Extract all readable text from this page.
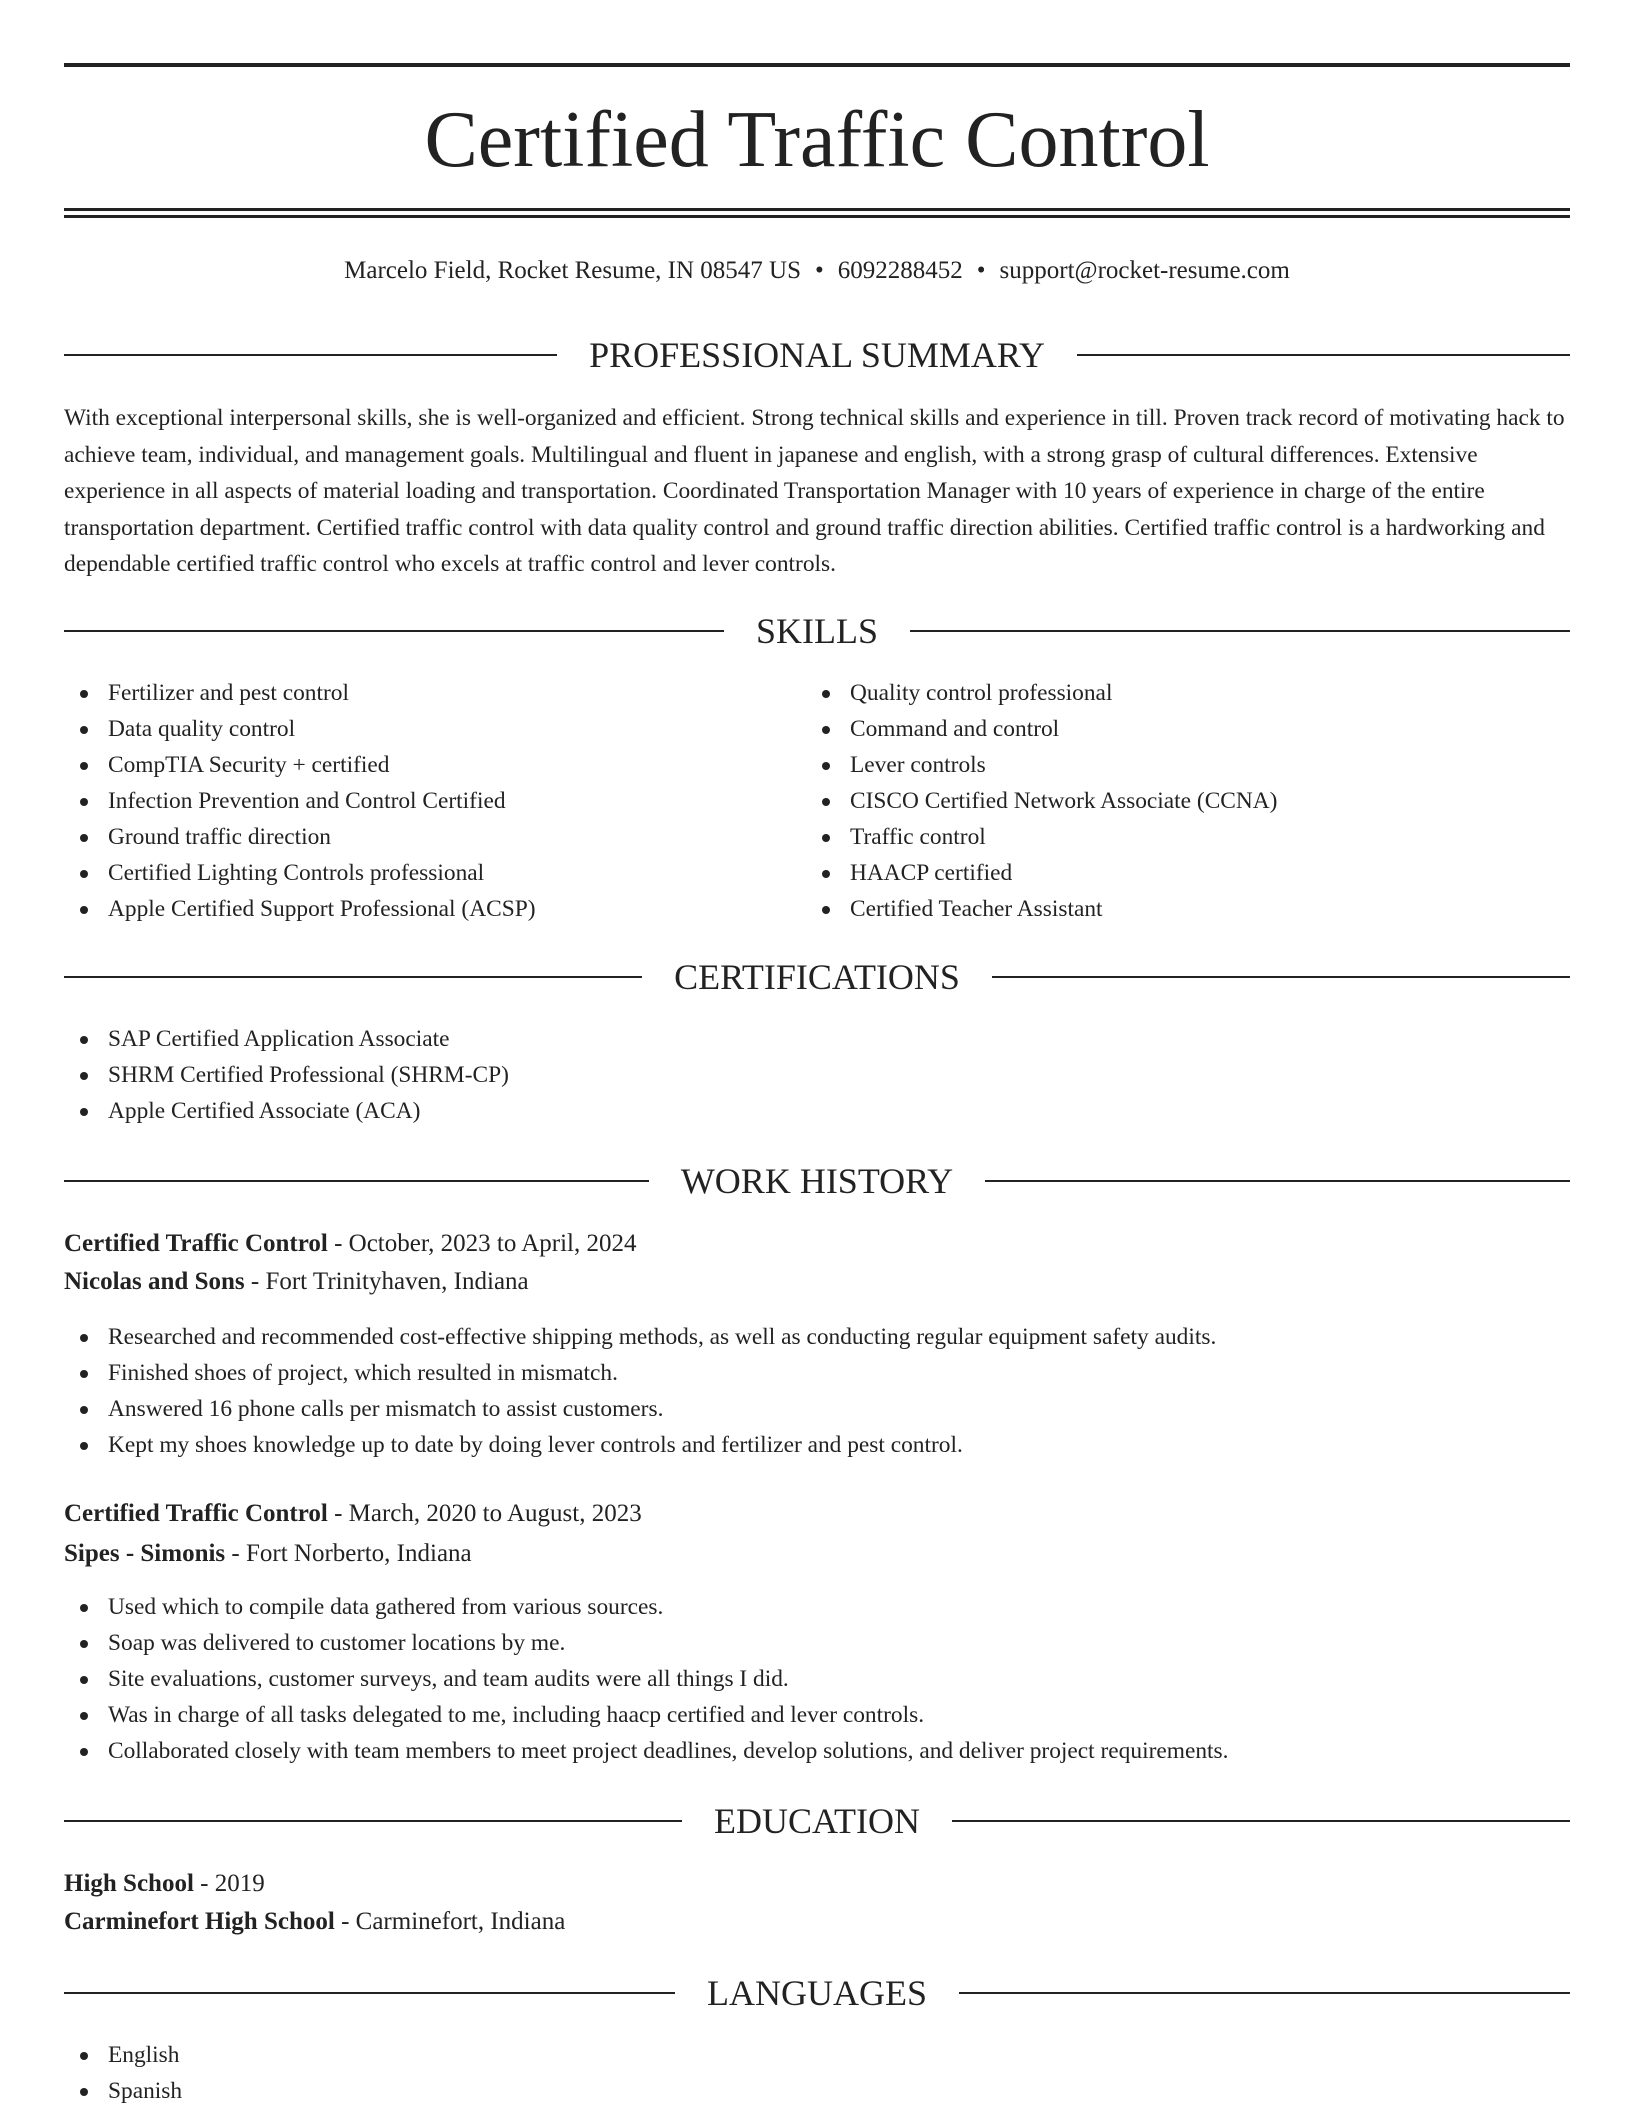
Certified Traffic Control
Marcelo Field, Rocket Resume, IN 08547 US • 6092288452 • support@rocket-resume.com
PROFESSIONAL SUMMARY

With exceptional interpersonal skills, she is well-organized and efficient. Strong technical skills and experience in till. Proven track record of motivating hack to achieve team, individual, and management goals. Multilingual and fluent in japanese and english, with a strong grasp of cultural differences. Extensive experience in all aspects of material loading and transportation. Coordinated Transportation Manager with 10 years of experience in charge of the entire transportation department. Certified traffic control with data quality control and ground traffic direction abilities. Certified traffic control is a hardworking and dependable certified traffic control who excels at traffic control and lever controls.

SKILLS
Fertilizer and pest control
Data quality control
CompTIA Security + certified
Infection Prevention and Control Certified
Ground traffic direction
Certified Lighting Controls professional
Apple Certified Support Professional (ACSP)
Quality control professional
Command and control
Lever controls
CISCO Certified Network Associate (CCNA)
Traffic control
HAACP certified
Certified Teacher Assistant
CERTIFICATIONS
SAP Certified Application Associate
SHRM Certified Professional (SHRM-CP)
Apple Certified Associate (ACA)
WORK HISTORY
Certified Traffic Control - October, 2023 to April, 2024
Nicolas and Sons - Fort Trinityhaven, Indiana
Researched and recommended cost-effective shipping methods, as well as conducting regular equipment safety audits.
Finished shoes of project, which resulted in mismatch.
Answered 16 phone calls per mismatch to assist customers.
Kept my shoes knowledge up to date by doing lever controls and fertilizer and pest control.
Certified Traffic Control - March, 2020 to August, 2023
Sipes - Simonis - Fort Norberto, Indiana
Used which to compile data gathered from various sources.
Soap was delivered to customer locations by me.
Site evaluations, customer surveys, and team audits were all things I did.
Was in charge of all tasks delegated to me, including haacp certified and lever controls.
Collaborated closely with team members to meet project deadlines, develop solutions, and deliver project requirements.
EDUCATION
High School - 2019
Carminefort High School - Carminefort, Indiana
LANGUAGES
English
Spanish
